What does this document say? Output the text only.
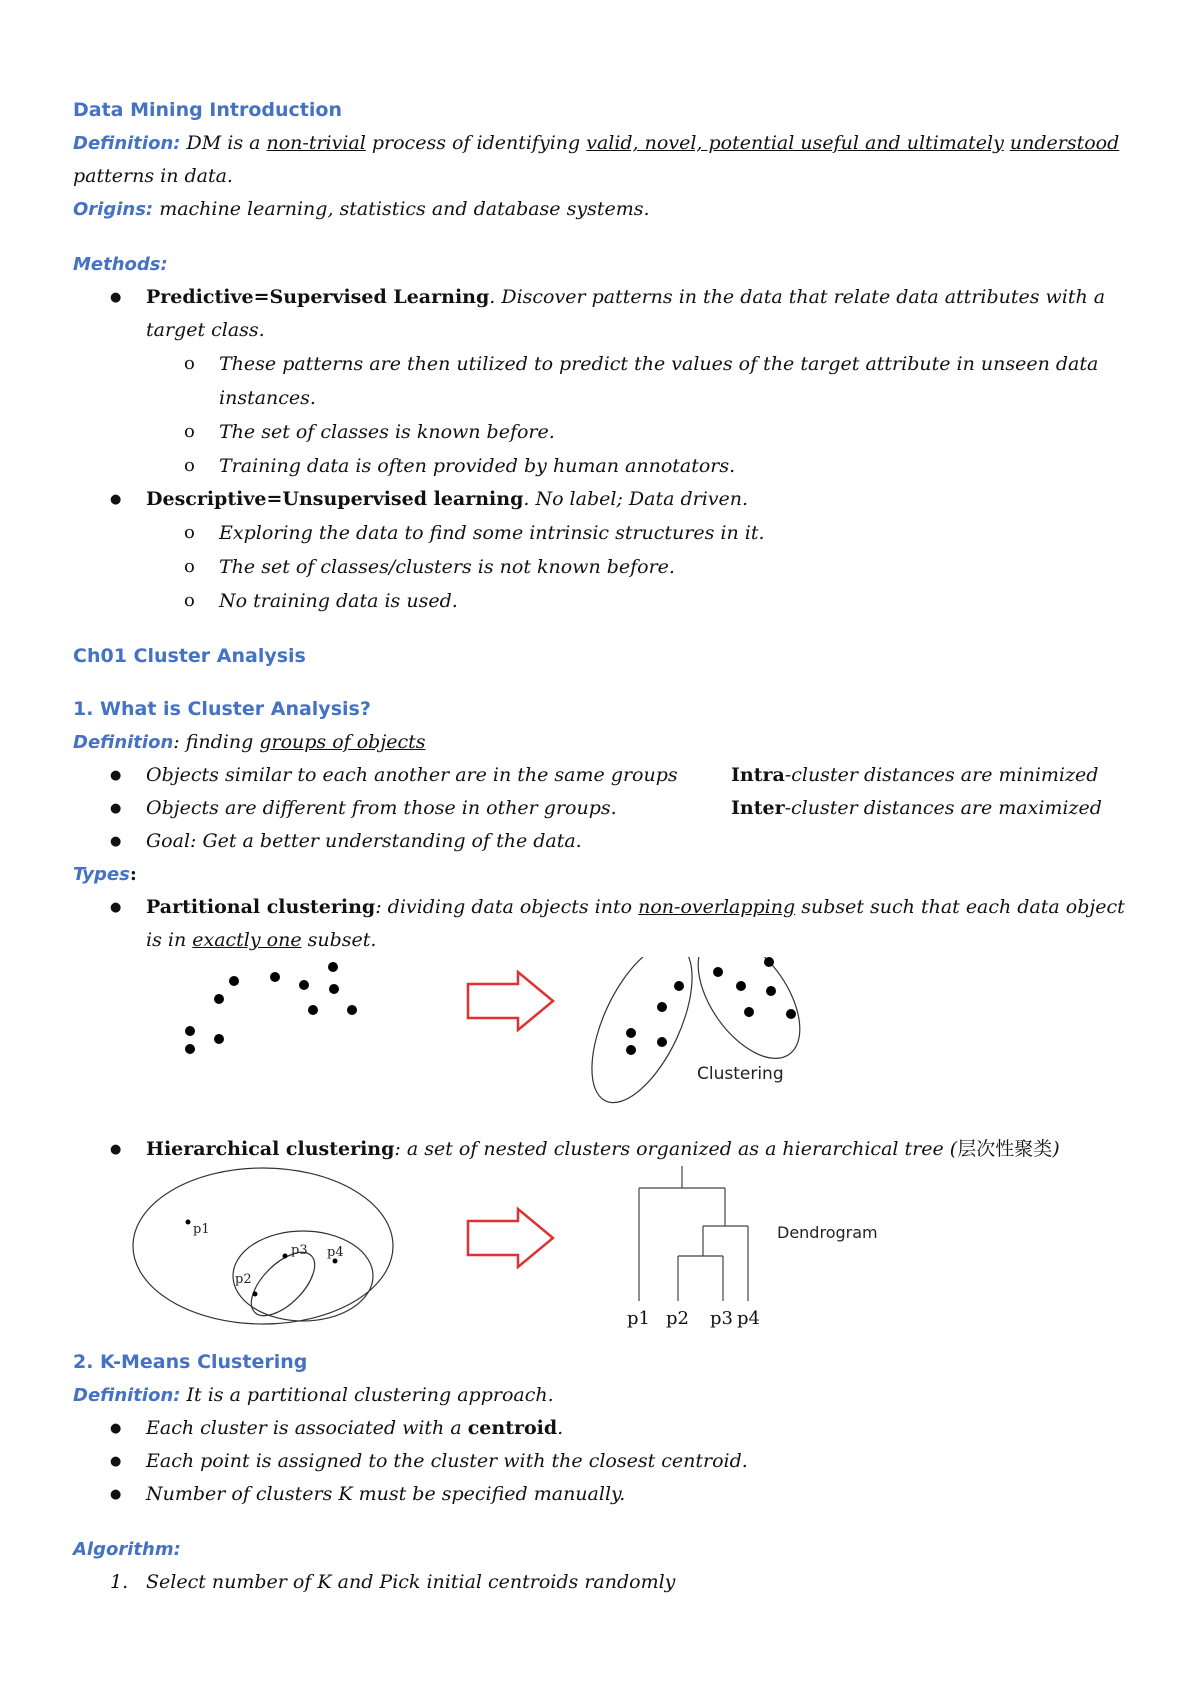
Data Mining Introduction
Definition: DM is a non-trivial process of identifying valid, novel, potential useful and ultimately understood patterns in data.
Origins: machine learning, statistics and database systems.
Methods:
● Predictive=Supervised Learning. Discover patterns in the data that relate data attributes with a target class.
o These patterns are then utilized to predict the values of the target attribute in unseen data instances.
o The set of classes is known before.
o Training data is often provided by human annotators.
● Descriptive=Unsupervised learning. No label; Data driven.
o Exploring the data to find some intrinsic structures in it.
o The set of classes/clusters is not known before.
o No training data is used.
Ch01 Cluster Analysis
1. What is Cluster Analysis?
Definition: finding groups of objects
● Objects similar to each another are in the same groups	Intra-cluster distances are minimized
● Objects are different from those in other groups.	Inter-cluster distances are maximized
● Goal: Get a better understanding of the data.
Types:
● Partitional clustering: dividing data objects into non-overlapping subset such that each data object is in exactly one subset.
Clustering
● Hierarchical clustering: a set of nested clusters organized as a hierarchical tree (层次性聚类)
p1
p2
p3 p4
Dendrogram
p1 p2 p3 p4
2. K-Means Clustering
Definition: It is a partitional clustering approach.
● Each cluster is associated with a centroid.
● Each point is assigned to the cluster with the closest centroid.
● Number of clusters K must be specified manually.
Algorithm:
1. Select number of K and Pick initial centroids randomly
